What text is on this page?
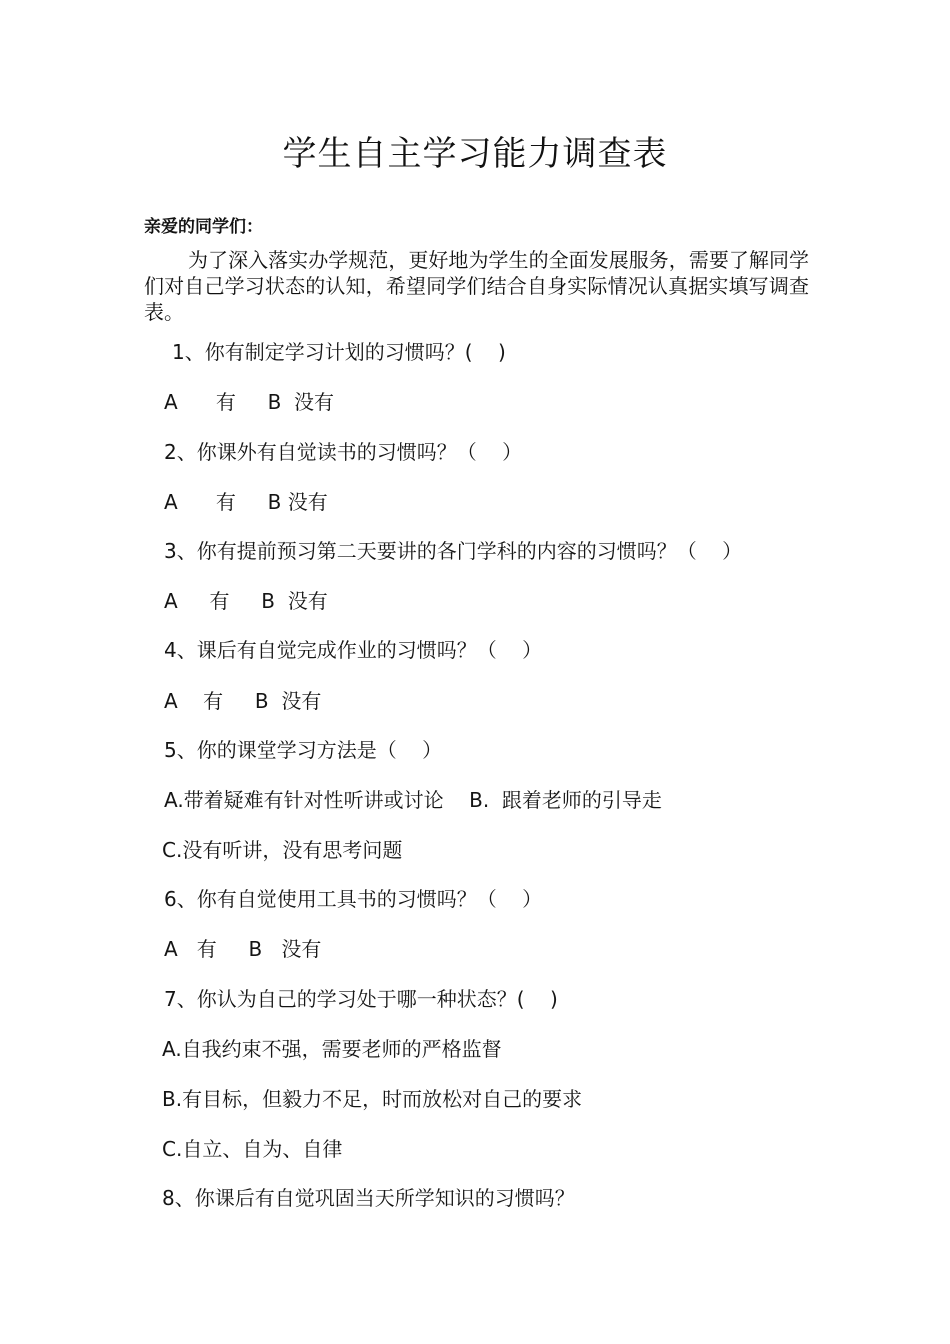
学生自主学习能力调查表
亲爱的同学们：

为了深入落实办学规范，更好地为学生的全面发展服务，需要了解同学们对自己学习状态的认知，希望同学们结合自身实际情况认真据实填写调查表。

1、你有制定学习计划的习惯吗？(    )
A      有     B  没有
2、你课外有自觉读书的习惯吗？（    ）
A      有     B 没有
3、你有提前预习第二天要讲的各门学科的内容的习惯吗？（    ）
A     有     B  没有
4、课后有自觉完成作业的习惯吗？（    ）
A    有     B  没有
5、你的课堂学习方法是（    ）
A.带着疑难有针对性听讲或讨论    B.  跟着老师的引导走
C.没有听讲，没有思考问题
6、你有自觉使用工具书的习惯吗？（    ）
A   有     B   没有
7、你认为自己的学习处于哪一种状态？(    )
A.自我约束不强，需要老师的严格监督
B.有目标，但毅力不足，时而放松对自己的要求
C.自立、自为、自律
8、你课后有自觉巩固当天所学知识的习惯吗？
